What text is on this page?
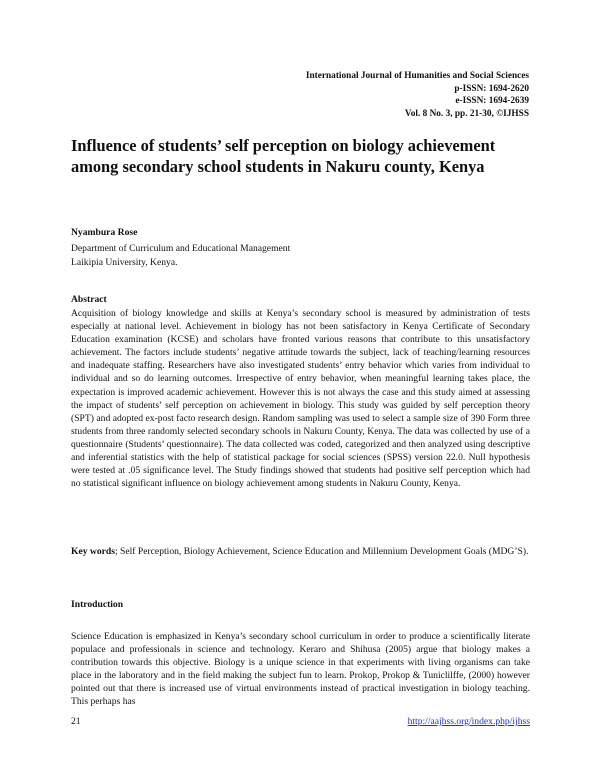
International Journal of Humanities and Social Sciences
p-ISSN: 1694-2620
e-ISSN: 1694-2639
Vol. 8 No. 3, pp. 21-30, ©IJHSS
Influence of students’ self perception on biology achievement among secondary school students in Nakuru county, Kenya
Nyambura Rose
Department of Curriculum and Educational Management
Laikipia University, Kenya.
Abstract

Acquisition of biology knowledge and skills at Kenya’s secondary school is measured by administration of tests especially at national level. Achievement in biology has not been satisfactory in Kenya Certificate of Secondary Education examination (KCSE) and scholars have fronted various reasons that contribute to this unsatisfactory achievement. The factors include students’ negative attitude towards the subject, lack of teaching/learning resources and inadequate staffing. Researchers have also investigated students’ entry behavior which varies from individual to individual and so do learning outcomes. Irrespective of entry behavior, when meaningful learning takes place, the expectation is improved academic achievement. However this is not always the case and this study aimed at assessing the impact of students’ self perception on achievement in biology. This study was guided by self perception theory (SPT) and adopted ex-post facto research design. Random sampling was used to select a sample size of 390 Form three students from three randomly selected secondary schools in Nakuru County, Kenya. The data was collected by use of a questionnaire (Students’ questionnaire). The data collected was coded, categorized and then analyzed using descriptive and inferential statistics with the help of statistical package for social sciences (SPSS) version 22.0. Null hypothesis were tested at .05 significance level. The Study findings showed that students had positive self perception which had no statistical significant influence on biology achievement among students in Nakuru County, Kenya.

Key words; Self Perception, Biology Achievement, Science Education and Millennium Development Goals (MDG’S).

Introduction

Science Education is emphasized in Kenya’s secondary school curriculum in order to produce a scientifically literate populace and professionals in science and technology. Keraro and Shihusa (2005) argue that biology makes a contribution towards this objective. Biology is a unique science in that experiments with living organisms can take place in the laboratory and in the field making the subject fun to learn. Prokop, Prokop & Tuniclilffe, (2000) however pointed out that there is increased use of virtual environments instead of practical investigation in biology teaching. This perhaps has

21	http://aajhss.org/index.php/ijhss
